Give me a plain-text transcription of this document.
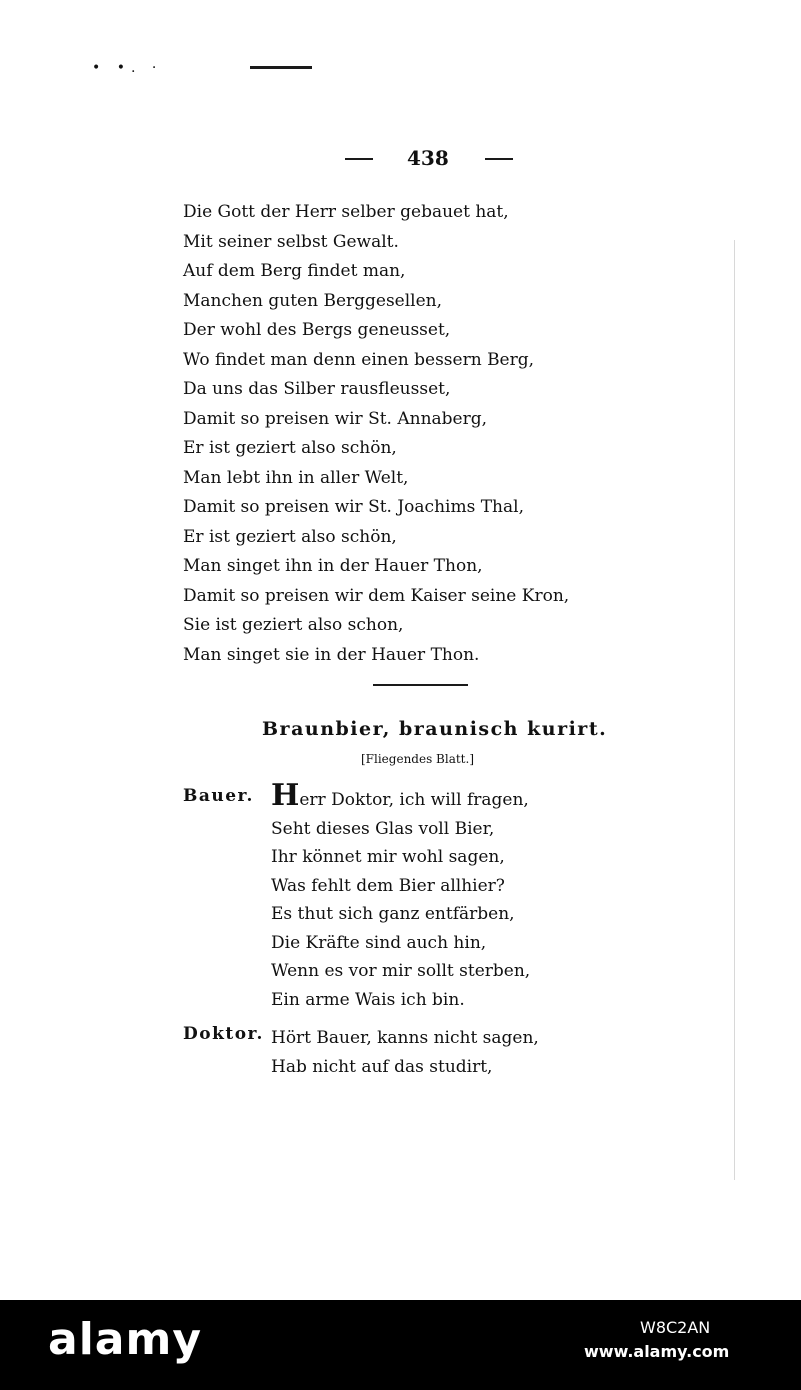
• •. ·
438
Die Gott der Herr selber gebauet hat,
Mit seiner selbst Gewalt.
Auf dem Berg findet man,
Manchen guten Berggesellen,
Der wohl des Bergs geneusset,
Wo findet man denn einen bessern Berg,
Da uns das Silber rausfleusset,
Damit so preisen wir St. Annaberg,
Er ist geziert also schön,
Man lebt ihn in aller Welt,
Damit so preisen wir St. Joachims Thal,
Er ist geziert also schön,
Man singet ihn in der Hauer Thon,
Damit so preisen wir dem Kaiser seine Kron,
Sie ist geziert also schon,
Man singet sie in der Hauer Thon.
Braunbier, braunisch kurirt.
[Fliegendes Blatt.]
Bauer. Herr Doktor, ich will fragen,
Seht dieses Glas voll Bier,
Ihr könnet mir wohl sagen,
Was fehlt dem Bier allhier?
Es thut sich ganz entfärben,
Die Kräfte sind auch hin,
Wenn es vor mir sollt sterben,
Ein arme Wais ich bin.
Doktor. Hört Bauer, kanns nicht sagen,
Hab nicht auf das studirt,
alamy	W8C2AN
www.alamy.com
